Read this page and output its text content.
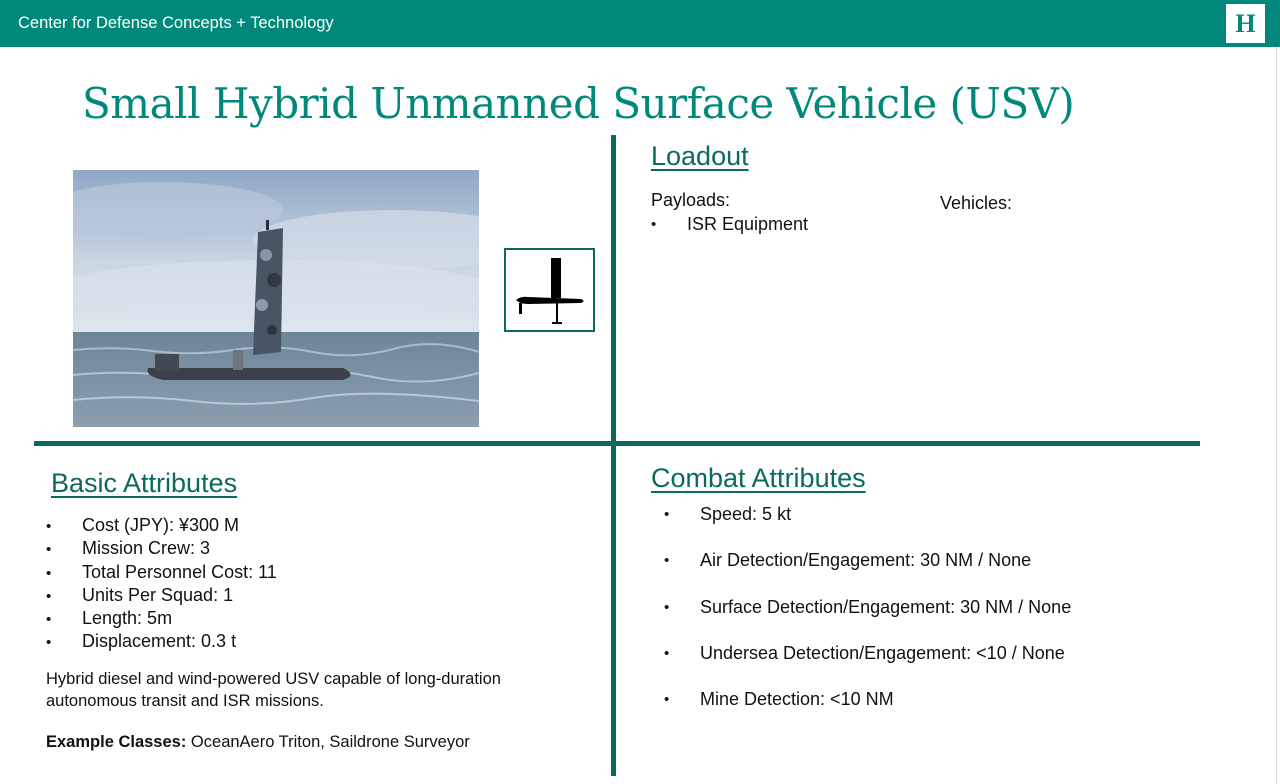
Center for Defense Concepts + Technology	H
Small Hybrid Unmanned Surface Vehicle (USV)
Loadout
Payloads:
• ISR Equipment
Vehicles:
Basic Attributes
• Cost (JPY): ¥300 M
• Mission Crew: 3
• Total Personnel Cost: 11
• Units Per Squad: 1
• Length: 5m
• Displacement: 0.3 t
Hybrid diesel and wind-powered USV capable of long-duration autonomous transit and ISR missions.
Example Classes: OceanAero Triton, Saildrone Surveyor
Combat Attributes
• Speed: 5 kt
• Air Detection/Engagement: 30 NM / None
• Surface Detection/Engagement: 30 NM / None
• Undersea Detection/Engagement: <10 / None
• Mine Detection: <10 NM
